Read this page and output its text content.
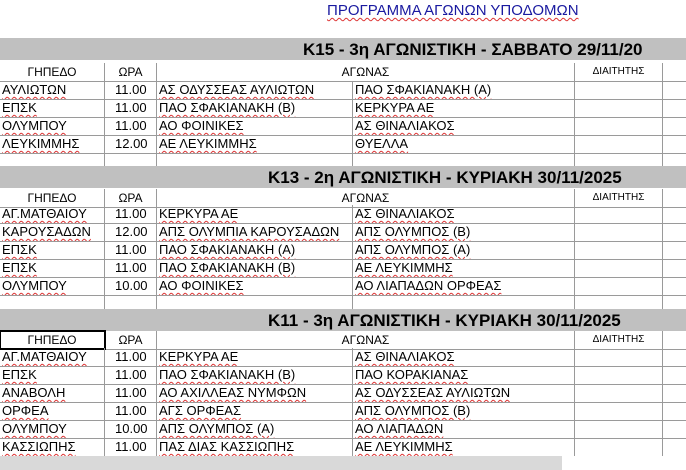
ΠΡΟΓΡΑΜΜΑ ΑΓΩΝΩΝ ΥΠΟΔΟΜΩΝ
Κ15 - 3η ΑΓΩΝΙΣΤΙΚΗ - ΣΑΒΒΑΤΟ 29/11/20
ΓΗΠΕΔΟ	ΩΡΑ	ΑΓΩΝΑΣ	ΔΙΑΙΤΗΤΗΣ
ΑΥΛΙΩΤΩΝ	11.00 ΑΣ ΟΔΥΣΣΕΑΣ ΑΥΛΙΩΤΩΝ	ΠΑΟ ΣΦΑΚΙΑΝΑΚΗ (Α)
ΕΠΣΚ	11.00 ΠΑΟ ΣΦΑΚΙΑΝΑΚΗ (Β)	ΚΕΡΚΥΡΑ ΑΕ
ΟΛΥΜΠΟΥ	11.00 ΑΟ ΦΟΙΝΙΚΕΣ	ΑΣ ΘΙΝΑΛΙΑΚΟΣ
ΛΕΥΚΙΜΜΗΣ	12.00 ΑΕ ΛΕΥΚΙΜΜΗΣ	ΘΥΕΛΛΑ
Κ13 - 2η ΑΓΩΝΙΣΤΙΚΗ - ΚΥΡΙΑΚΗ 30/11/2025
ΓΗΠΕΔΟ	ΩΡΑ	ΑΓΩΝΑΣ	ΔΙΑΙΤΗΤΗΣ
ΑΓ.ΜΑΤΘΑΙΟΥ	11.00 ΚΕΡΚΥΡΑ ΑΕ	ΑΣ ΘΙΝΑΛΙΑΚΟΣ
ΚΑΡΟΥΣΑΔΩΝ	12.00 ΑΠΣ ΟΛΥΜΠΙΑ ΚΑΡΟΥΣΑΔΩΝ	ΑΠΣ ΟΛΥΜΠΟΣ (Β)
ΕΠΣΚ	11.00 ΠΑΟ ΣΦΑΚΙΑΝΑΚΗ (Α)	ΑΠΣ ΟΛΥΜΠΟΣ (Α)
ΕΠΣΚ	11.00 ΠΑΟ ΣΦΑΚΙΑΝΑΚΗ (Β)	ΑΕ ΛΕΥΚΙΜΜΗΣ
ΟΛΥΜΠΟΥ	10.00 ΑΟ ΦΟΙΝΙΚΕΣ	ΑΟ ΛΙΑΠΑΔΩΝ ΟΡΦΕΑΣ
Κ11 - 3η ΑΓΩΝΙΣΤΙΚΗ - ΚΥΡΙΑΚΗ 30/11/2025
ΓΗΠΕΔΟ	ΩΡΑ	ΑΓΩΝΑΣ	ΔΙΑΙΤΗΤΗΣ
ΑΓ.ΜΑΤΘΑΙΟΥ	11.00 ΚΕΡΚΥΡΑ ΑΕ	ΑΣ ΘΙΝΑΛΙΑΚΟΣ
ΕΠΣΚ	11.00 ΠΑΟ ΣΦΑΚΙΑΝΑΚΗ (Β)	ΠΑΟ ΚΟΡΑΚΙΑΝΑΣ
ΑΝΑΒΟΛΗ	11.00 ΑΟ ΑΧΙΛΛΕΑΣ ΝΥΜΦΩΝ	ΑΣ ΟΔΥΣΣΕΑΣ ΑΥΛΙΩΤΩΝ
ΟΡΦΕΑ	11.00 ΑΓΣ ΟΡΦΕΑΣ	ΑΠΣ ΟΛΥΜΠΟΣ (Β)
ΟΛΥΜΠΟΥ	10.00 ΑΠΣ ΟΛΥΜΠΟΣ (Α)	ΑΟ ΛΙΑΠΑΔΩΝ
ΚΑΣΣΙΩΠΗΣ	11.00 ΠΑΣ ΔΙΑΣ ΚΑΣΣΙΩΠΗΣ	ΑΕ ΛΕΥΚΙΜΜΗΣ
